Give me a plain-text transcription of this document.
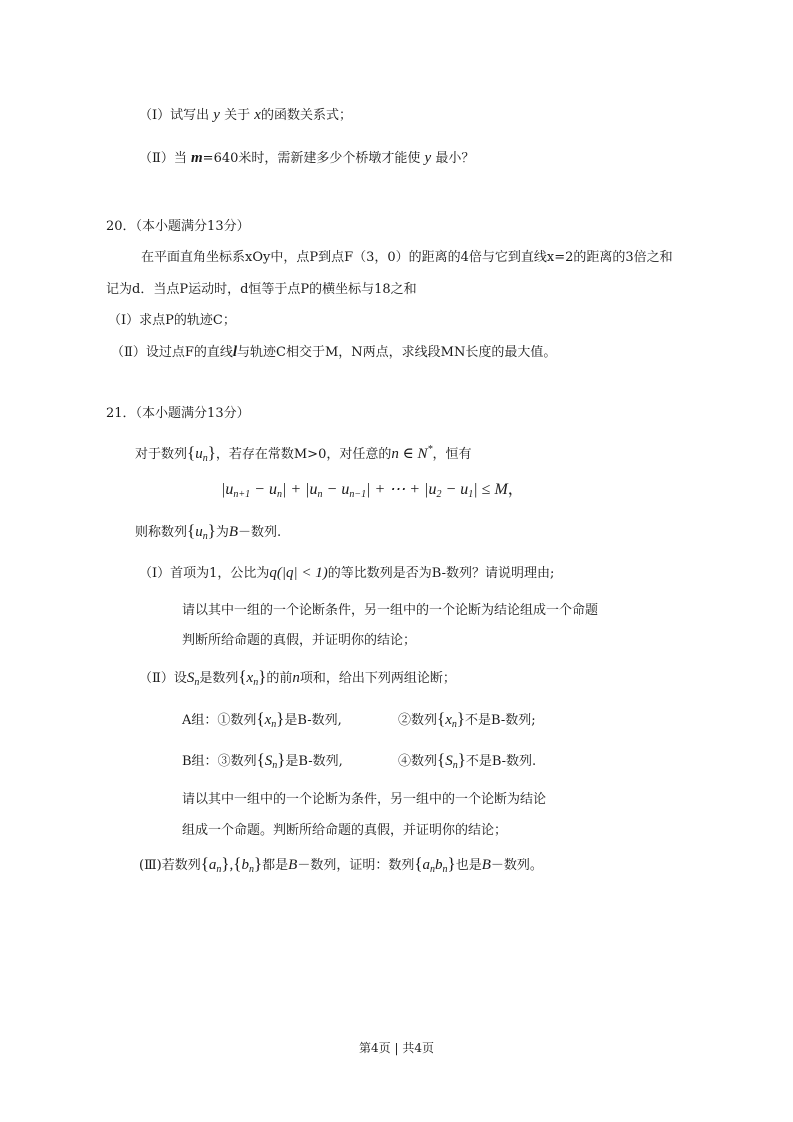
（Ⅰ）试写出 y 关于 x的函数关系式；
（Ⅱ）当 m=640米时，需新建多少个桥墩才能使 y 最小？
20．（本小题满分13分）
在平面直角坐标系xOy中，点P到点F（3，0）的距离的4倍与它到直线x=2的距离的3倍之和
记为d．当点P运动时，d恒等于点P的横坐标与18之和
（Ⅰ）求点P的轨迹C；
（Ⅱ）设过点F的直线l与轨迹C相交于M，N两点，求线段MN长度的最大值。
21．（本小题满分13分）
对于数列$\{u_n\}$，若存在常数M>0，对任意的n ∈ N*，恒有
$|u_{n+1} - u_n| + |u_n - u_{n-1}|$ + ⋯ + $|u_2 - u_1| \le M$，
则称数列$\{u_n\}$为B－数列.
（Ⅰ）首项为1，公比为q(|q| < 1)的等比数列是否为B-数列？请说明理由;
请以其中一组的一个论断条件，另一组中的一个论断为结论组成一个命题
判断所给命题的真假，并证明你的结论；
（Ⅱ）设$S_n$是数列$\{x_n\}$的前n项和，给出下列两组论断；
A组：①数列$\{x_n\}$是B-数列,	②数列$\{x_n\}$不是B-数列;
B组：③数列$\{S_n\}$是B-数列,	④数列$\{S_n\}$不是B-数列.
请以其中一组中的一个论断为条件，另一组中的一个论断为结论
组成一个命题。判断所给命题的真假，并证明你的结论；
(Ⅲ)若数列$\{a_n\},\{b_n\}$都是B－数列，证明：数列$\{a_nb_n\}$也是B－数列。
第4页 | 共4页
